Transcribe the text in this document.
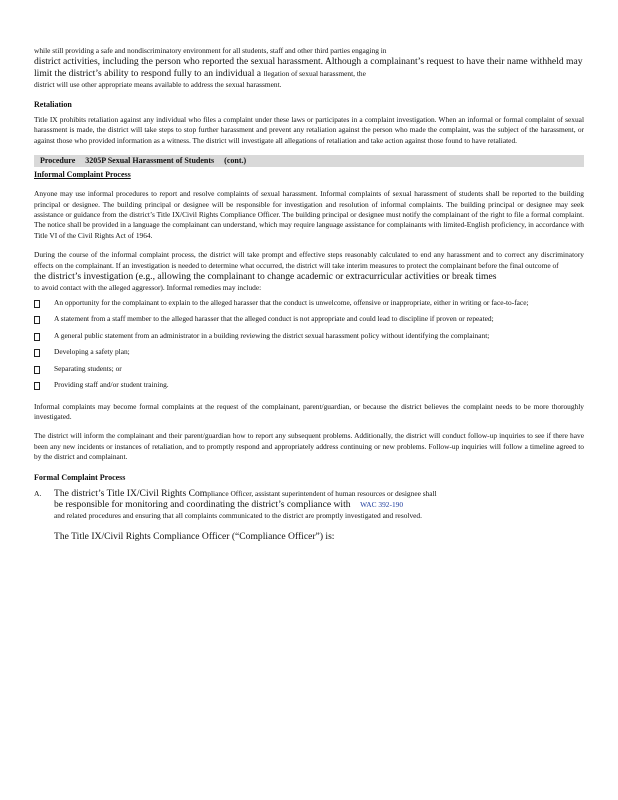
while still providing a safe and nondiscriminatory environment for all students, staff and other third parties engaging in

district activities, including the person who reported the sexual harassment. Although a complainant’s request to have their name withheld may limit the district’s ability to respond fully to an individual a llegation of sexual harassment, the

district will use other appropriate means available to address the sexual harassment.

Retaliation

Title IX prohibits retaliation against any individual who files a complaint under these laws or participates in a complaint investigation. When an informal or formal complaint of sexual harassment is made, the district will take steps to stop further harassment and prevent any retaliation against the person who made the complaint, was the subject of the harassment, or against those who provided information as a witness. The district will investigate all allegations of retaliation and take action against those found to have retaliated.

Procedure 3205P Sexual Harassment of Students (cont.)

Informal Complaint Process

Anyone may use informal procedures to report and resolve complaints of sexual harassment. Informal complaints of sexual harassment of students shall be reported to the building principal or designee. The building principal or designee will be responsible for investigation and resolution of informal complaints. The building principal or designee may seek assistance or guidance from the district’s Title IX/Civil Rights Compliance Officer. The building principal or designee must notify the complainant of the right to file a formal complaint. The notice shall be provided in a language the complainant can understand, which may require language assistance for complainants with limited-English proficiency, in accordance with Title VI of the Civil Rights Act of 1964.

During the course of the informal complaint process, the district will take prompt and effective steps reasonably calculated to end any harassment and to correct any discriminatory effects on the complainant. If an investigation is needed to determine what occurred, the district will take interim measures to protect the complainant before the final outcome of

the district’s investigation (e.g., allowing the complainant to change academic or extracurricular activities or break times

to avoid contact with the alleged aggressor). Informal remedies may include:

An opportunity for the complainant to explain to the alleged harasser that the conduct is unwelcome, offensive or inappropriate, either in writing or face-to-face;
A statement from a staff member to the alleged harasser that the alleged conduct is not appropriate and could lead to discipline if proven or repeated;
A general public statement from an administrator in a building reviewing the district sexual harassment policy without identifying the complainant;
Developing a safety plan;
Separating students; or
Providing staff and/or student training.

Informal complaints may become formal complaints at the request of the complainant, parent/guardian, or because the district believes the complaint needs to be more thoroughly investigated.

The district will inform the complainant and their parent/guardian how to report any subsequent problems. Additionally, the district will conduct follow-up inquiries to see if there have been any new incidents or instances of retaliation, and to promptly respond and appropriately address continuing or new problems. Follow-up inquiries will follow a timeline agreed to by the district and complainant.

Formal Complaint Process

A. The district’s Title IX/Civil Rights Compliance Officer, assistant superintendent of human resources or designee shall

be responsible for monitoring and coordinating the district’s compliance with WAC 392-190

and related procedures and ensuring that all complaints communicated to the district are promptly investigated and resolved.

The Title IX/Civil Rights Compliance Officer (“Compliance Officer”) is:
